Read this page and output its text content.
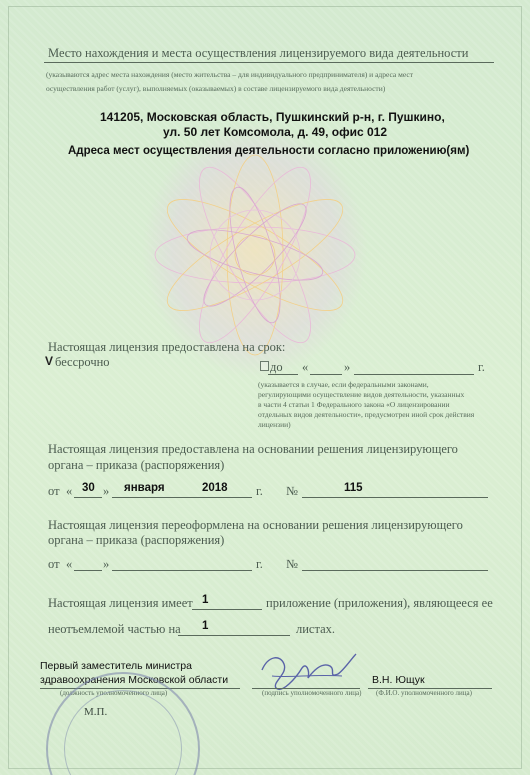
Место нахождения и места осуществления лицензируемого вида деятельности
(указываются адрес места нахождения (место жительства – для индивидуального предпринимателя) и адреса мест
осуществления работ (услуг), выполняемых (оказываемых) в составе лицензируемого вида деятельности)
141205, Московская область, Пушкинский р-н, г. Пушкино,
ул. 50 лет Комсомола, д. 49, офис 012
Адреса мест осуществления деятельности согласно приложению(ям)
Настоящая лицензия предоставлена на срок:
V бессрочно	до «	»	г.
(указывается в случае, если федеральными законами,
регулирующими осуществление видов деятельности, указанных
в части 4 статьи 1 Федерального закона «О лицензировании
отдельных видов деятельности», предусмотрен иной срок действия
лицензии)
Настоящая лицензия предоставлена на основании решения лицензирующего
органа – приказа (распоряжения)
от « 30 » января	2018 г. №	115
Настоящая лицензия переоформлена на основании решения лицензирующего
органа – приказа (распоряжения)
от « »	г. №
Настоящая лицензия имеет 1	приложение (приложения), являющееся ее
неотъемлемой частью на 1	листах.
Первый заместитель министра
здравоохранения Московской области
(должность уполномоченного лица)	(подпись уполномоченного лица)
В.Н. Ющук
(Ф.И.О. уполномоченного лица)
М.П.
